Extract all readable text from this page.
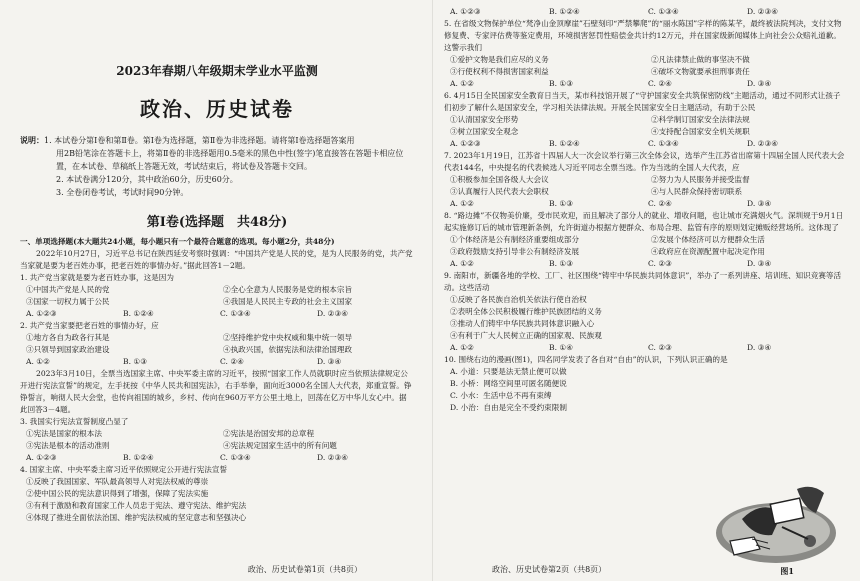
2023年春期八年级期末学业水平监测
政治、历史试卷
说明： 1. 本试卷分第Ⅰ卷和第Ⅱ卷。第Ⅰ卷为选择题，第Ⅱ卷为非选择题。请将第Ⅰ卷选择题答案用
用2B铅笔涂在答题卡上，将第Ⅱ卷的非选择题用0.5毫米的黑色中性(签字)笔直接答在答题卡相应位置，在本试卷、草稿纸上答题无效，考试结束后，将试卷及答题卡交回。
2. 本试卷满分120分，其中政治60分，历史60分。
3. 全卷闭卷考试，考试时间90分钟。
第Ⅰ卷(选择题　共48分)
一、单项选择题(本大题共24小题，每小题只有一个最符合题意的选项。每小题2分，共48分)
2022年10月27日，习近平总书记在陕西延安考察时强调：“中国共产党是人民的党，是为人民服务的党，共产党当家就是要为老百姓办事，把老百姓的事情办好。”据此回答1－2题。
1. 共产党当家就是要为老百姓办事，这是因为
①中国共产党是人民的党	②全心全意为人民服务是党的根本宗旨
③国家一切权力属于公民	④我国是人民民主专政的社会主义国家
A. ①②③	B. ①②④	C. ①③④	D. ②③④
2. 共产党当家要把老百姓的事情办好，应
①地方各自为政各行其是	②坚持维护党中央权威和集中统一领导
③只领导到国家政治建设	④执政兴国，依据宪法和法律治国理政
A. ①②	B. ①③	C. ②④	D. ③④
2023年3月10日，全票当选国家主席、中央军委主席的习近平，按照“国家工作人员就职时应当依照法律规定公开进行宪法宣誓”的规定，左手抚按《中华人民共和国宪法》，右手举拳，面向近3000名全国人大代表，郑重宣誓。铮铮誓言，响彻人民大会堂，也传向祖国的城乡，乡村、传向在960万平方公里土地上，回荡在亿万中华儿女心中。据此回答3－4题。
3. 我国实行宪法宣誓制度凸显了
①宪法是国家的根本法	②宪法是治国安邦的总章程
③宪法是根本的活动准则	④宪法规定国家生活中的所有问题
A. ①②③	B. ①②④	C. ①③④	D. ②③④
4. 国家主席、中央军委主席习近平依照规定公开进行宪法宣誓
①反映了我国国家、军队最高领导人对宪法权威的尊崇
②使中国公民的宪法意识得到了增强，保障了宪法实施
③有利于激励和教育国家工作人员忠于宪法、遵守宪法、维护宪法
④体现了推进全面依法治国、维护宪法权威的坚定意志和坚强决心
政治、历史试卷第1页（共8页）
A. ①②③	B. ①②④	C. ①③④	D. ②③④
5. 在省级文物保护单位“梵净山金顶摩崖”石壁刻印“严禁攀爬”的“丽水陈国”字样的陈某芊，最终被法院判决，支付文物修复费、专家评估费等鉴定费用，环境损害惩罚性赔偿金共计约12万元，并在国家级新闻媒体上向社会公众赔礼道歉。这警示我们
①爱护文物是我们应尽的义务	②凡法律禁止做的事坚决不做
③行使权利不得损害国家利益	④破坏文物就要承担刑事责任
A. ①②	B. ①③	C. ②④	D. ③④
6. 4月15日全民国家安全教育日当天，某市科技馆开展了“守护国家安全共筑保密防线”主题活动，通过不同形式让孩子们初步了解什么是国家安全，学习相关法律法规。开展全民国家安全日主题活动，有助于公民
①认清国家安全形势	②科学制订国家安全法律法规
③树立国家安全观念	④支持配合国家安全机关规职
A. ①②③	B. ①②④	C. ①③④	D. ②③④
7. 2023年1月19日，江苏省十四届人大一次会议举行第三次全体会议，选举产生江苏省出席第十四届全国人民代表大会代表144名，中央提名的代表候选人习近平同志全票当选。作为当选的全国人大代表，应
①积极参加全国各级人大会议	②努力为人民服务并接受监督
③认真履行人民代表大会职权	④与人民群众保持密切联系
A. ①②	B. ①③	C. ②④	D. ③④
8. “路边摊”不仅物美价廉，受市民欢迎，而且解决了部分人的就业、增收问题，也让城市充满烟火气。深圳规于9月1日起实施修订后的城市管理新条例，允许街道办根据方便群众、布局合理、监管有序的原则划定摊贩经营场所。这体现了
①个体经济是公有制经济重要组成部分	②发展个体经济可以方便群众生活
③政府鼓励支持引导非公有制经济发展	④政府应在资源配置中起决定作用
A. ①②	B. ①③	C. ②③	D. ③④
9. 南阳市，新疆各地的学校、工厂、社区围绕“铸牢中华民族共同体意识”，举办了一系列讲座、培训班、知识竞赛等活动。这些活动
①反映了各民族自治机关依法行使自治权
②表明全体公民积极履行维护民族团结的义务
③推动人们铸牢中华民族共同体意识融入心
④有利于广大人民树立正确的国家观、民族观
A. ①②	B. ①④	C. ②③	D. ③④
10. 围绕右边的漫画(图1)，四名同学发表了各自对“自由”的认识，下列认识正确的是
A. 小道：只要是法无禁止便可以做
B. 小桥：网络空间里可匿名随便说
C. 小水：生活中总不再有束缚
D. 小治：自由是完全不受约束限制
图1
政治、历史试卷第2页（共8页）
